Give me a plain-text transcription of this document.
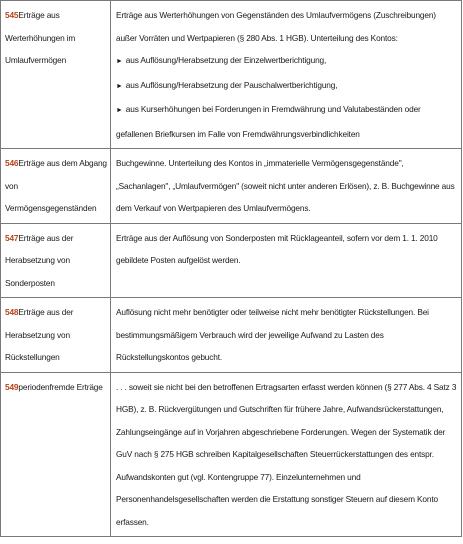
545Erträge aus Werterhöhungen im Umlaufvermögen

Erträge aus Werterhöhungen von Gegenständen des Umlaufvermögens (Zuschreibungen) außer Vorräten und Wertpapieren (§ 280 Abs. 1 HGB). Unterteilung des Kontos:

► aus Auflösung/Herabsetzung der Einzelwertberichtigung,
► aus Auflösung/Herabsetzung der Pauschalwertberichtigung,
► aus Kurserhöhungen bei Forderungen in Fremdwährung und Valutabeständen oder gefallenen Briefkursen im Falle von Fremdwährungsverbindlichkeiten
546Erträge aus dem Abgang von Vermögensgegenständen

Buchgewinne. Unterteilung des Kontos in „immaterielle Vermögensgegenstände", „Sachanlagen", „Umlaufvermögen" (soweit nicht unter anderen Erlösen), z. B. Buchgewinne aus dem Verkauf von Wertpapieren des Umlaufvermögens.

547Erträge aus der Herabsetzung von Sonderposten

Erträge aus der Auflösung von Sonderposten mit Rücklageanteil, sofern vor dem 1. 1. 2010 gebildete Posten aufgelöst werden.

548Erträge aus der Herabsetzung von Rückstellungen

Auflösung nicht mehr benötigter oder teilweise nicht mehr benötigter Rückstellungen. Bei bestimmungsmäßigem Verbrauch wird der jeweilige Aufwand zu Lasten des Rückstellungskontos gebucht.

549periodenfremde Erträge	. . . soweit sie nicht bei den betroffenen Ertragsarten erfasst werden können (§ 277 Abs. 4 Satz 3 HGB), z. B. Rückvergütungen und Gutschriften für frühere Jahre, Aufwandsrückerstattungen, Zahlungseingänge auf in Vorjahren abgeschriebene Forderungen. Wegen der Systematik der GuV nach § 275 HGB schreiben Kapitalgesellschaften Steuerrückerstattungen des entspr. Aufwandskonten gut (vgl. Kontengruppe 77). Einzelunternehmen und Personenhandelsgesellschaften werden die Erstattung sonstiger Steuern auf diesem Konto erfassen.
